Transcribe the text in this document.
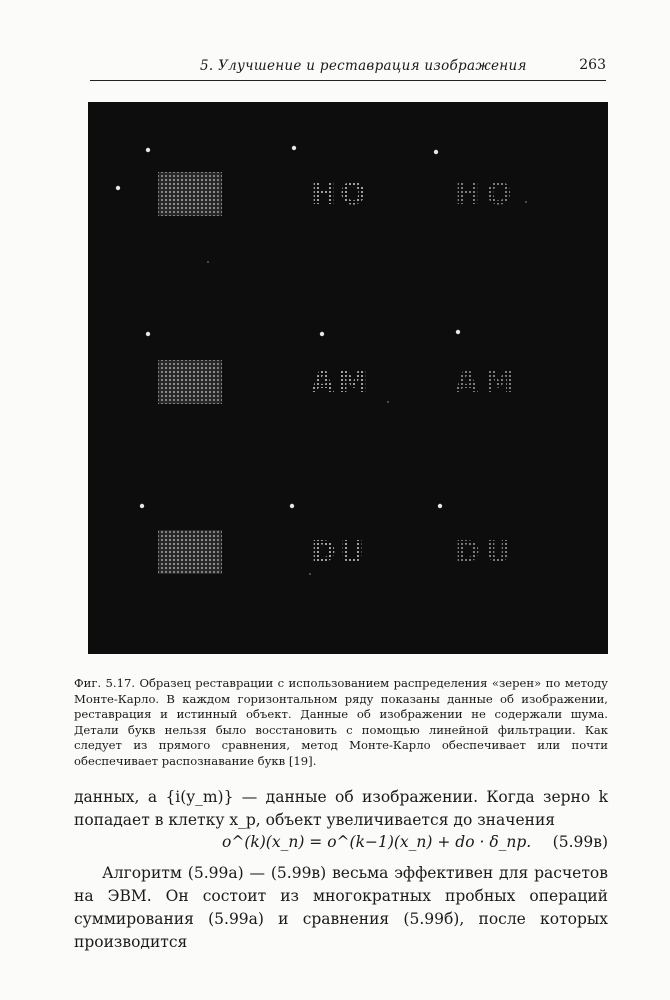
5. Улучшение и реставрация изображения	263
НО	НО
AM	AM
DU	DU
Фиг. 5.17. Образец реставрации с использованием распределения «зерен» по методу Монте-Карло. В каждом горизонтальном ряду показаны данные об изображении, реставрация и истинный объект. Данные об изображении не содержали шума. Детали букв нельзя было восстановить с помощью линейной фильтрации. Как следует из прямого сравнения, метод Монте-Карло обеспечивает или почти обеспечивает распознавание букв [19].
данных, а {i(y_m)} — данные об изображении. Когда зерно k попадает в клетку x_p, объект увеличивается до значения
o^(k)(x_n) = o^(k−1)(x_n) + do · δ_np. (5.99в)
Алгоритм (5.99а) — (5.99в) весьма эффективен для расчетов на ЭВМ. Он состоит из многократных пробных операций суммирования (5.99а) и сравнения (5.99б), после которых производится
